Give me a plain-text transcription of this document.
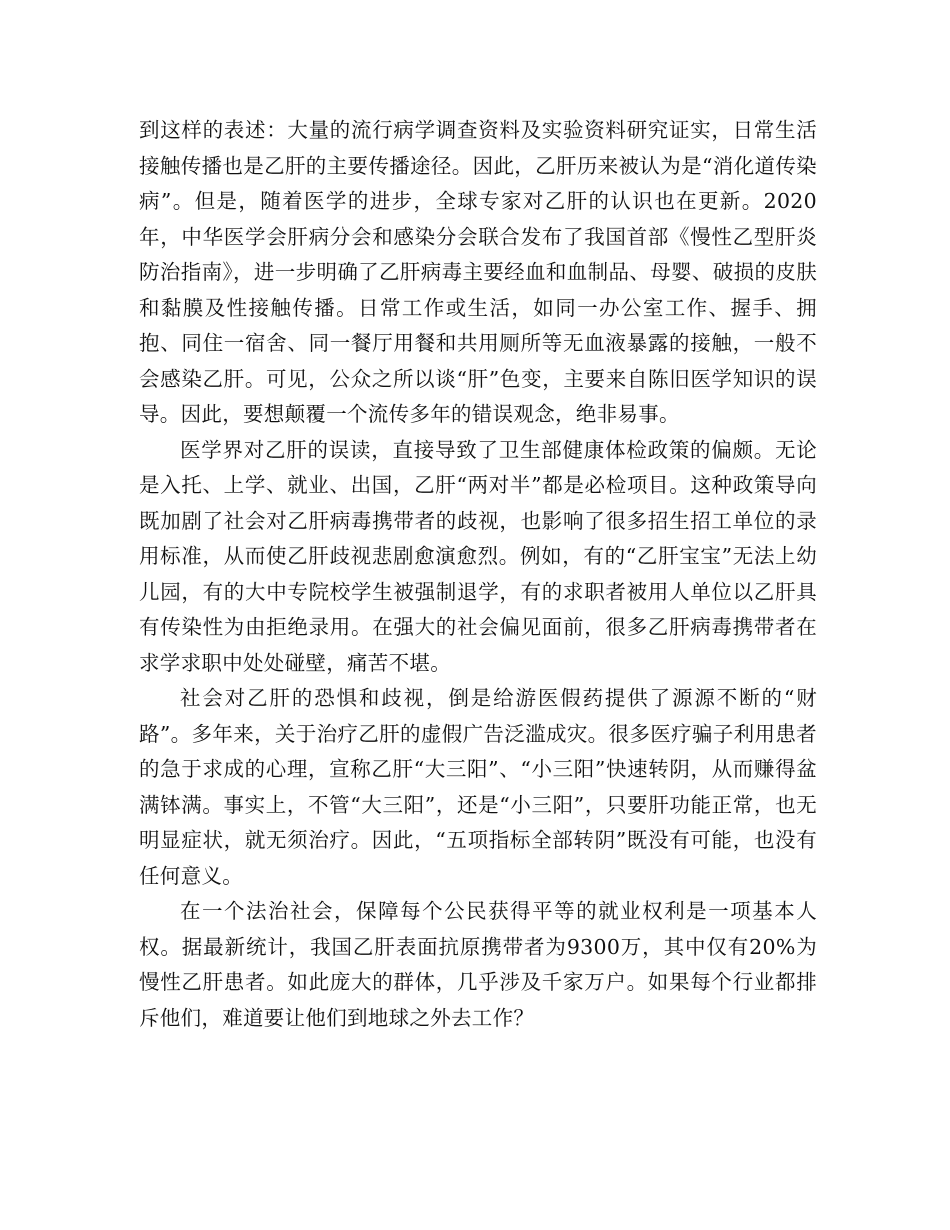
到这样的表述：大量的流行病学调查资料及实验资料研究证实，日常生活接触传播也是乙肝的主要传播途径。因此，乙肝历来被认为是“消化道传染病”。但是，随着医学的进步，全球专家对乙肝的认识也在更新。2020年，中华医学会肝病分会和感染分会联合发布了我国首部《慢性乙型肝炎防治指南》，进一步明确了乙肝病毒主要经血和血制品、母婴、破损的皮肤和黏膜及性接触传播。日常工作或生活，如同一办公室工作、握手、拥抱、同住一宿舍、同一餐厅用餐和共用厕所等无血液暴露的接触，一般不会感染乙肝。可见，公众之所以谈“肝”色变，主要来自陈旧医学知识的误导。因此，要想颠覆一个流传多年的错误观念，绝非易事。

医学界对乙肝的误读，直接导致了卫生部健康体检政策的偏颇。无论是入托、上学、就业、出国，乙肝“两对半”都是必检项目。这种政策导向既加剧了社会对乙肝病毒携带者的歧视，也影响了很多招生招工单位的录用标准，从而使乙肝歧视悲剧愈演愈烈。例如，有的“乙肝宝宝”无法上幼儿园，有的大中专院校学生被强制退学，有的求职者被用人单位以乙肝具有传染性为由拒绝录用。在强大的社会偏见面前，很多乙肝病毒携带者在求学求职中处处碰壁，痛苦不堪。

社会对乙肝的恐惧和歧视，倒是给游医假药提供了源源不断的“财路”。多年来，关于治疗乙肝的虚假广告泛滥成灾。很多医疗骗子利用患者的急于求成的心理，宣称乙肝“大三阳”、“小三阳”快速转阴，从而赚得盆满钵满。事实上，不管“大三阳”，还是“小三阳”，只要肝功能正常，也无明显症状，就无须治疗。因此，“五项指标全部转阴”既没有可能，也没有任何意义。

在一个法治社会，保障每个公民获得平等的就业权利是一项基本人权。据最新统计，我国乙肝表面抗原携带者为9300万，其中仅有20%为慢性乙肝患者。如此庞大的群体，几乎涉及千家万户。如果每个行业都排斥他们，难道要让他们到地球之外去工作？
